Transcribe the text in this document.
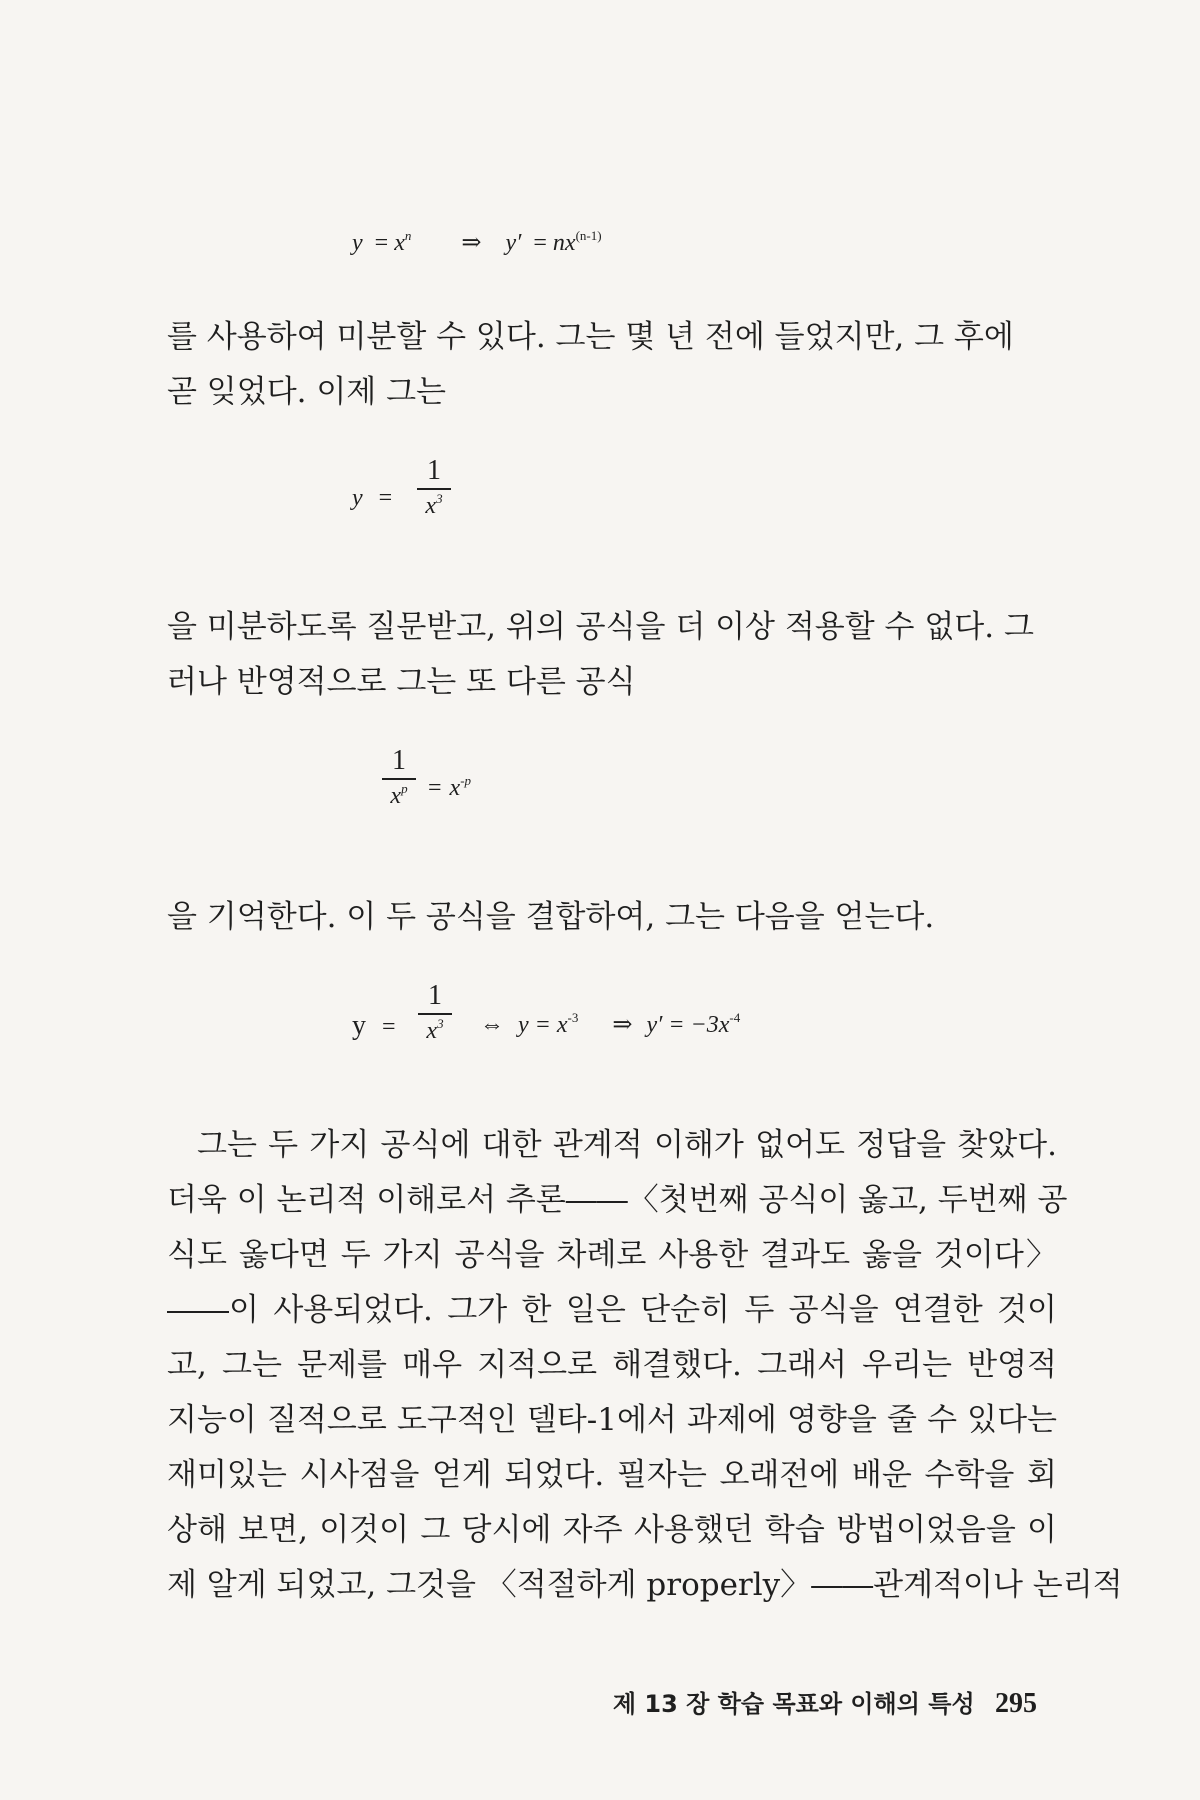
$y = x^n$ ⇒ $y' = nx^{(n-1)}$
를 사용하여 미분할 수 있다. 그는 몇 년 전에 들었지만, 그 후에
곧 잊었다. 이제 그는
y =
1
$x^3$
을 미분하도록 질문받고, 위의 공식을 더 이상 적용할 수 없다. 그
러나 반영적으로 그는 또 다른 공식
1
$x^p = x^{-p}$
을 기억한다. 이 두 공식을 결합하여, 그는 다음을 얻는다.
y =
1
$x^3$	⇔ $y = x^{-3}$ ⇒ $y' = -3x^{-4}$
그는 두 가지 공식에 대한 관계적 이해가 없어도 정답을 찾았다.
더욱 이 논리적 이해로서 추론――〈첫번째 공식이 옳고, 두번째 공
식도 옳다면 두 가지 공식을 차례로 사용한 결과도 옳을 것이다〉
――이 사용되었다. 그가 한 일은 단순히 두 공식을 연결한 것이
고, 그는 문제를 매우 지적으로 해결했다. 그래서 우리는 반영적
지능이 질적으로 도구적인 델타-1에서 과제에 영향을 줄 수 있다는
재미있는 시사점을 얻게 되었다. 필자는 오래전에 배운 수학을 회
상해 보면, 이것이 그 당시에 자주 사용했던 학습 방법이었음을 이
제 알게 되었고, 그것을 〈적절하게 properly〉――관계적이나 논리적
제 13 장 학습 목표와 이해의 특성 295
